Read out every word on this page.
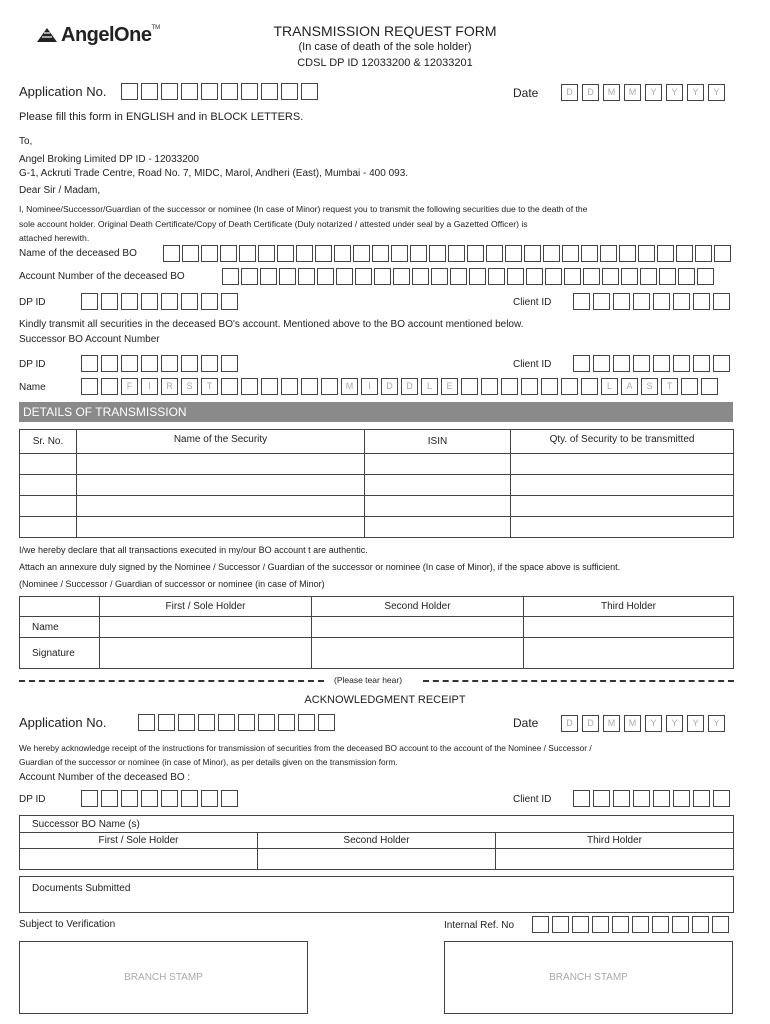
AngelOne TM	TRANSMISSION REQUEST FORM
(In case of death of the sole holder)
CDSL DP ID 12033200 & 12033201
Application No.	Date	D	D	M	M	Y	Y	Y	Y
Please fill this form in ENGLISH and in BLOCK LETTERS.
To,
Angel Broking Limited DP ID - 12033200
G-1, Ackruti Trade Centre, Road No. 7, MIDC, Marol, Andheri (East), Mumbai - 400 093.
Dear Sir / Madam,
I, Nominee/Successor/Guardian of the successor or nominee (In case of Minor) request you to transmit the following securities due to the death of the
sole account holder. Original Death Certificate/Copy of Death Certificate (Duly notarized / attested under seal by a Gazetted Officer) is
attached herewith.
Name of the deceased BO
Account Number of the deceased BO
DP ID	Client ID
Kindly transmit all securities in the deceased BO's account. Mentioned above to the BO account mentioned below.
Successor BO Account Number
DP ID	Client ID
Name	F	I	R	S	T	M	I	D	D	L	E	L	A	S	T
DETAILS OF TRANSMISSION
Sr. No.	Name of the Security	ISIN	Qty. of Security to be transmitted

I/we hereby declare that all transactions executed in my/our BO account t are authentic.
Attach an annexure duly signed by the Nominee / Successor / Guardian of the successor or nominee (In case of Minor), if the space above is sufficient.
(Nominee / Successor / Guardian of successor or nominee (in case of Minor)
	First / Sole Holder	Second Holder	Third Holder
Name			
Signature			
(Please tear hear)
ACKNOWLEDGMENT RECEIPT
Application No.	Date	D	D	M	M	Y	Y	Y	Y
We hereby acknowledge receipt of the instructions for transmission of securities from the deceased BO account to the account of the Nominee / Successor /
Guardian of the successor or nominee (in case of Minor), as per details given on the transmission form.
Account Number of the deceased BO :
DP ID	Client ID
Successor BO Name (s)		
First / Sole Holder	Second Holder	Third Holder

Documents Submitted
Subject to Verification	Internal Ref. No
BRANCH STAMP	BRANCH STAMP
